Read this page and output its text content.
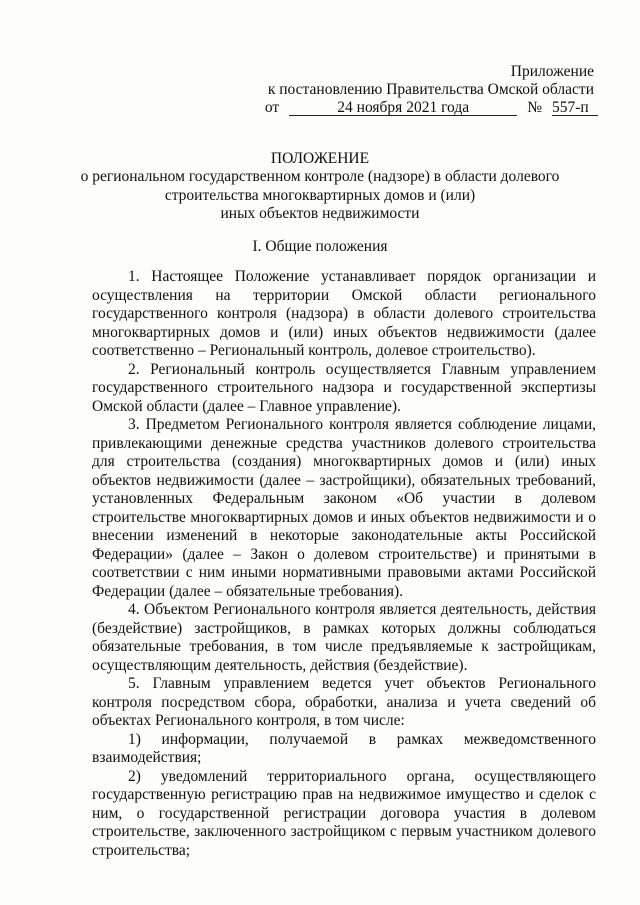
Приложение
к постановлению Правительства Омской области
от	24 ноября 2021 года	№ 557-п
ПОЛОЖЕНИЕ
о региональном государственном контроле (надзоре) в области долевого
строительства многоквартирных домов и (или)
иных объектов недвижимости
I. Общие положения

1. Настоящее Положение устанавливает порядок организации и осуществления на территории Омской области регионального государственного контроля (надзора) в области долевого строительства многоквартирных домов и (или) иных объектов недвижимости (далее соответственно – Региональный контроль, долевое строительство).

2. Региональный контроль осуществляется Главным управлением государственного строительного надзора и государственной экспертизы Омской области (далее – Главное управление).

3. Предметом Регионального контроля является соблюдение лицами, привлекающими денежные средства участников долевого строительства для строительства (создания) многоквартирных домов и (или) иных объектов недвижимости (далее – застройщики), обязательных требований, установленных Федеральным законом «Об участии в долевом строительстве многоквартирных домов и иных объектов недвижимости и о внесении изменений в некоторые законодательные акты Российской Федерации» (далее – Закон о долевом строительстве) и принятыми в соответствии с ним иными нормативными правовыми актами Российской Федерации (далее – обязательные требования).

4. Объектом Регионального контроля является деятельность, действия (бездействие) застройщиков, в рамках которых должны соблюдаться обязательные требования, в том числе предъявляемые к застройщикам, осуществляющим деятельность, действия (бездействие).

5. Главным управлением ведется учет объектов Регионального контроля посредством сбора, обработки, анализа и учета сведений об объектах Регионального контроля, в том числе:

1) информации, получаемой в рамках межведомственного взаимодействия;

2) уведомлений территориального органа, осуществляющего государственную регистрацию прав на недвижимое имущество и сделок с ним, о государственной регистрации договора участия в долевом строительстве, заключенного застройщиком с первым участником долевого строительства;
